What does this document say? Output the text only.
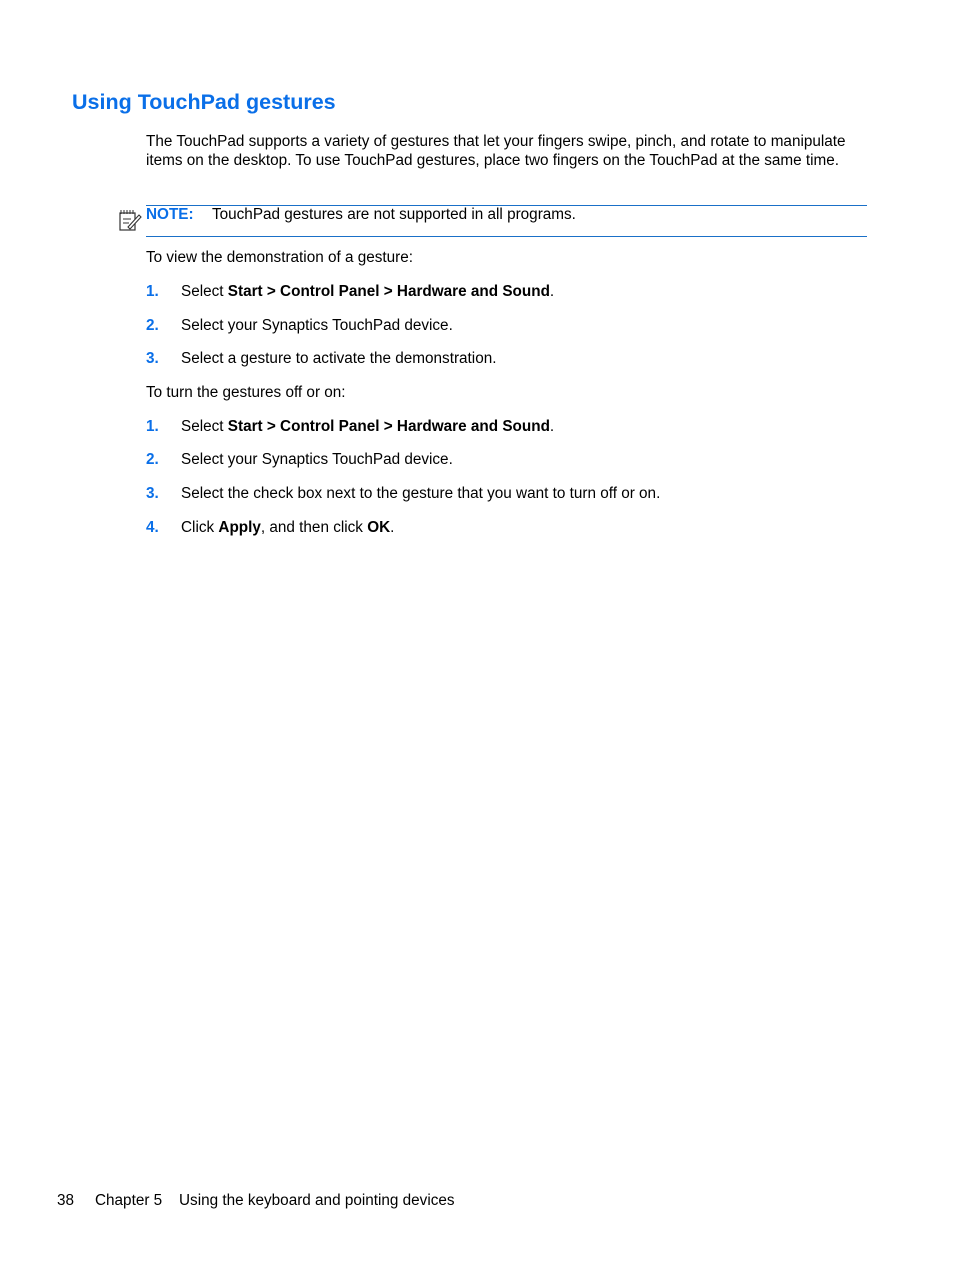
Using TouchPad gestures
The TouchPad supports a variety of gestures that let your fingers swipe, pinch, and rotate to manipulate items on the desktop. To use TouchPad gestures, place two fingers on the TouchPad at the same time.
NOTE: TouchPad gestures are not supported in all programs.
To view the demonstration of a gesture:
1. Select Start > Control Panel > Hardware and Sound.
2. Select your Synaptics TouchPad device.
3. Select a gesture to activate the demonstration.
To turn the gestures off or on:
1. Select Start > Control Panel > Hardware and Sound.
2. Select your Synaptics TouchPad device.
3. Select the check box next to the gesture that you want to turn off or on.
4. Click Apply, and then click OK.
38 Chapter 5 Using the keyboard and pointing devices
